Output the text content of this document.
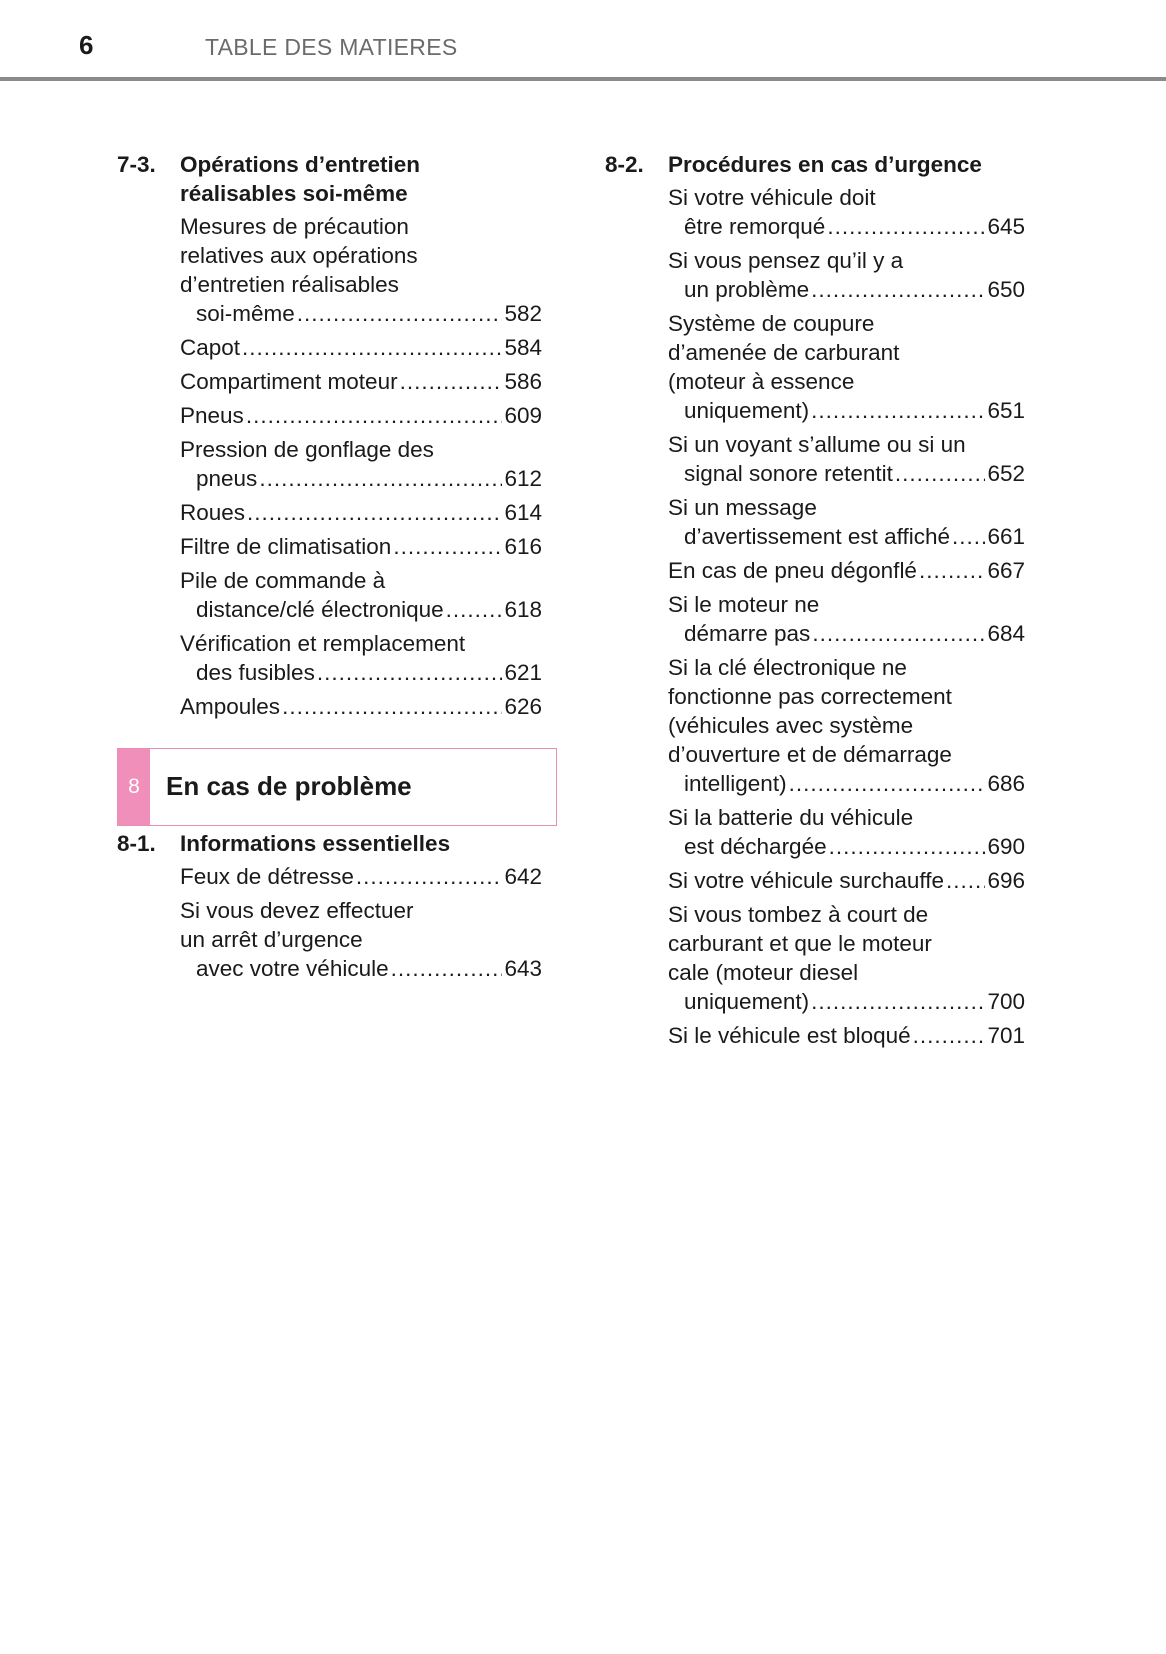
6	TABLE DES MATIERES
7-3. Opérations d’entretien
réalisables soi-même
Mesures de précaution
relatives aux opérations
d’entretien réalisables
soi-même .....	582
Capot .....	584
Compartiment moteur .....	586
Pneus .....	609
Pression de gonflage des
pneus .....	612
Roues .....	614
Filtre de climatisation .....	616
Pile de commande à
distance/clé électronique .....	618
Vérification et remplacement
des fusibles .....	621
Ampoules .....	626
8-1. Informations essentielles
Feux de détresse .....	642
Si vous devez effectuer
un arrêt d’urgence
avec votre véhicule .....	643
8	En cas de problème
8-2. Procédures en cas d’urgence
Si votre véhicule doit
être remorqué .....	645
Si vous pensez qu’il y a
un problème .....	650
Système de coupure
d’amenée de carburant
(moteur à essence
uniquement) .....	651
Si un voyant s’allume ou si un
signal sonore retentit .....	652
Si un message
d’avertissement est affiché ..... 661
En cas de pneu dégonflé .....	667
Si le moteur ne
démarre pas .....	684
Si la clé électronique ne
fonctionne pas correctement
(véhicules avec système
d’ouverture et de démarrage
intelligent) .....	686
Si la batterie du véhicule
est déchargée .....	690
Si votre véhicule surchauffe ..... 696
Si vous tombez à court de
carburant et que le moteur
cale (moteur diesel
uniquement) .....	700
Si le véhicule est bloqué .....	701
